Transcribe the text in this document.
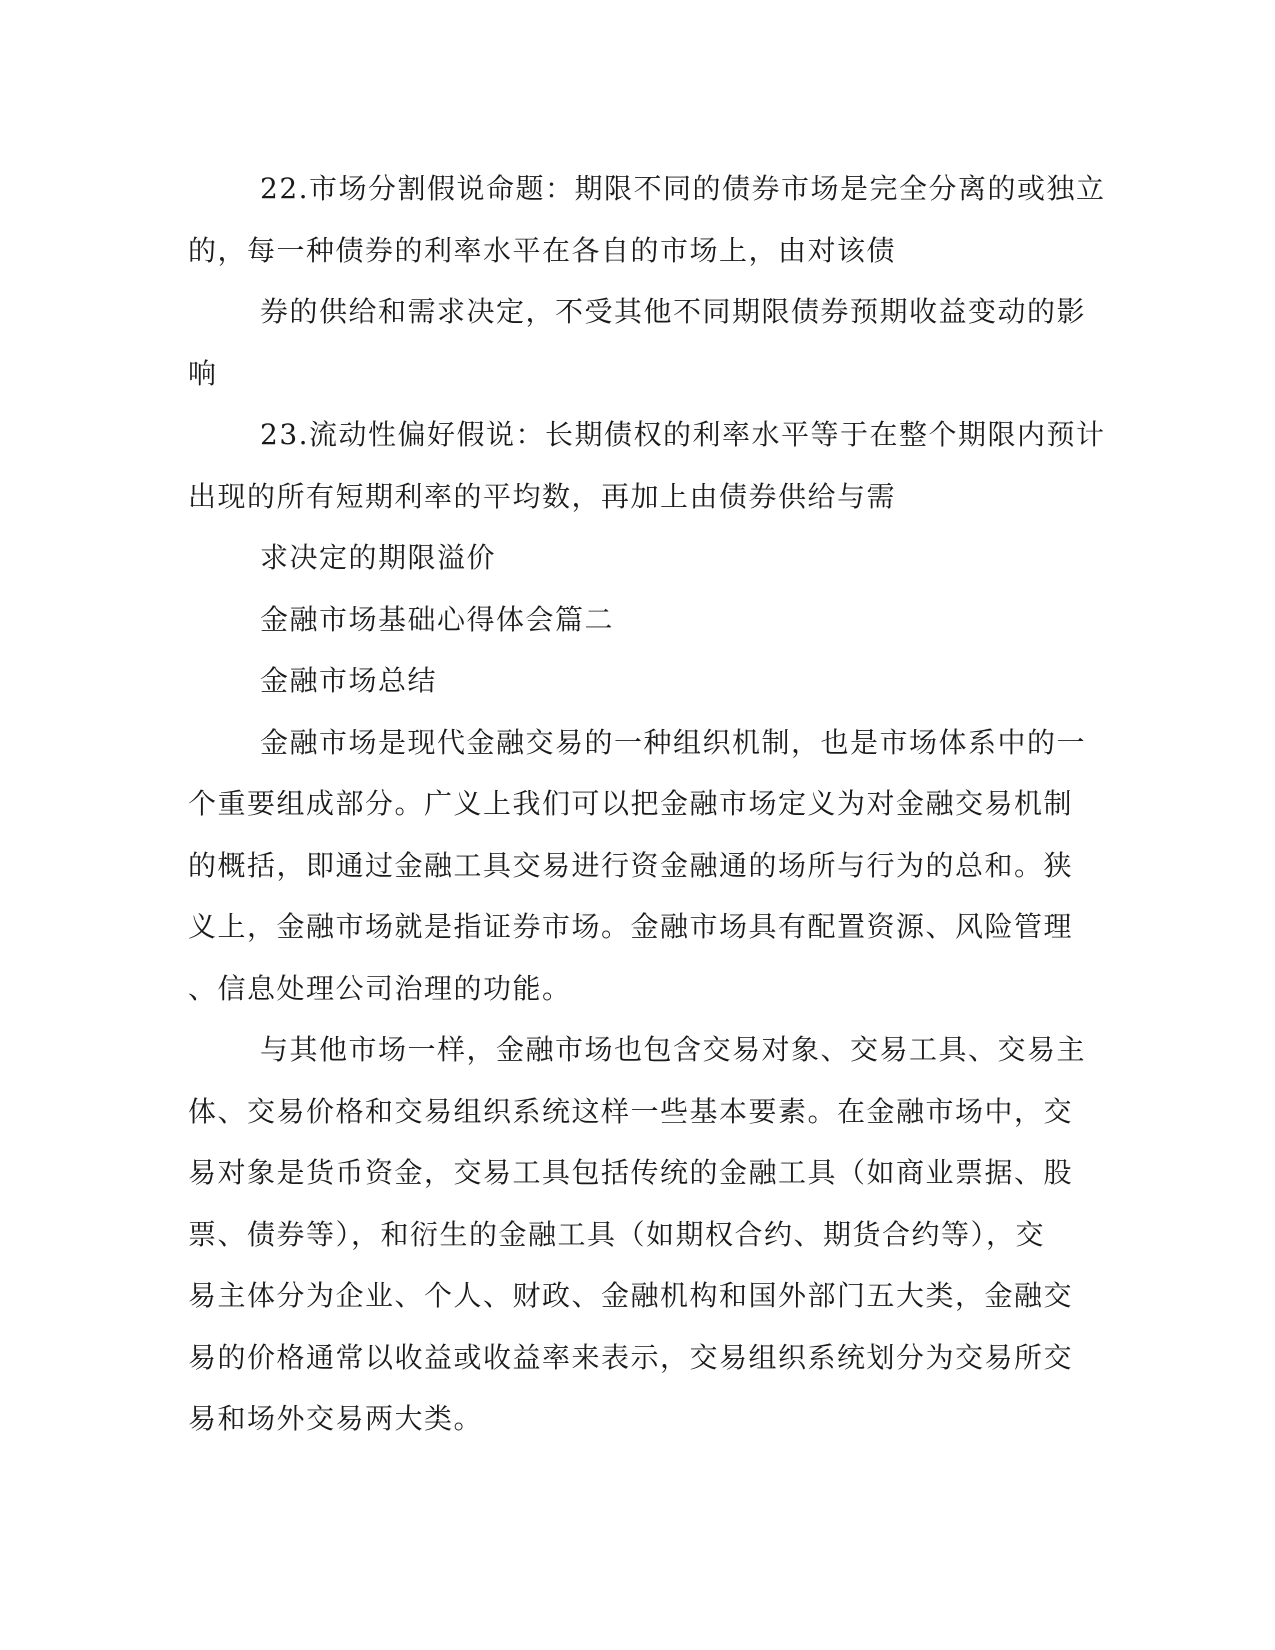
22.市场分割假说命题：期限不同的债券市场是完全分离的或独立
的，每一种债券的利率水平在各自的市场上，由对该债
券的供给和需求决定，不受其他不同期限债券预期收益变动的影
响
23.流动性偏好假说：长期债权的利率水平等于在整个期限内预计
出现的所有短期利率的平均数，再加上由债券供给与需
求决定的期限溢价
金融市场基础心得体会篇二
金融市场总结
金融市场是现代金融交易的一种组织机制，也是市场体系中的一
个重要组成部分。广义上我们可以把金融市场定义为对金融交易机制
的概括，即通过金融工具交易进行资金融通的场所与行为的总和。狭
义上，金融市场就是指证券市场。金融市场具有配置资源、风险管理
、信息处理公司治理的功能。
与其他市场一样，金融市场也包含交易对象、交易工具、交易主
体、交易价格和交易组织系统这样一些基本要素。在金融市场中，交
易对象是货币资金，交易工具包括传统的金融工具（如商业票据、股
票、债券等），和衍生的金融工具（如期权合约、期货合约等），交
易主体分为企业、个人、财政、金融机构和国外部门五大类，金融交
易的价格通常以收益或收益率来表示，交易组织系统划分为交易所交
易和场外交易两大类。
